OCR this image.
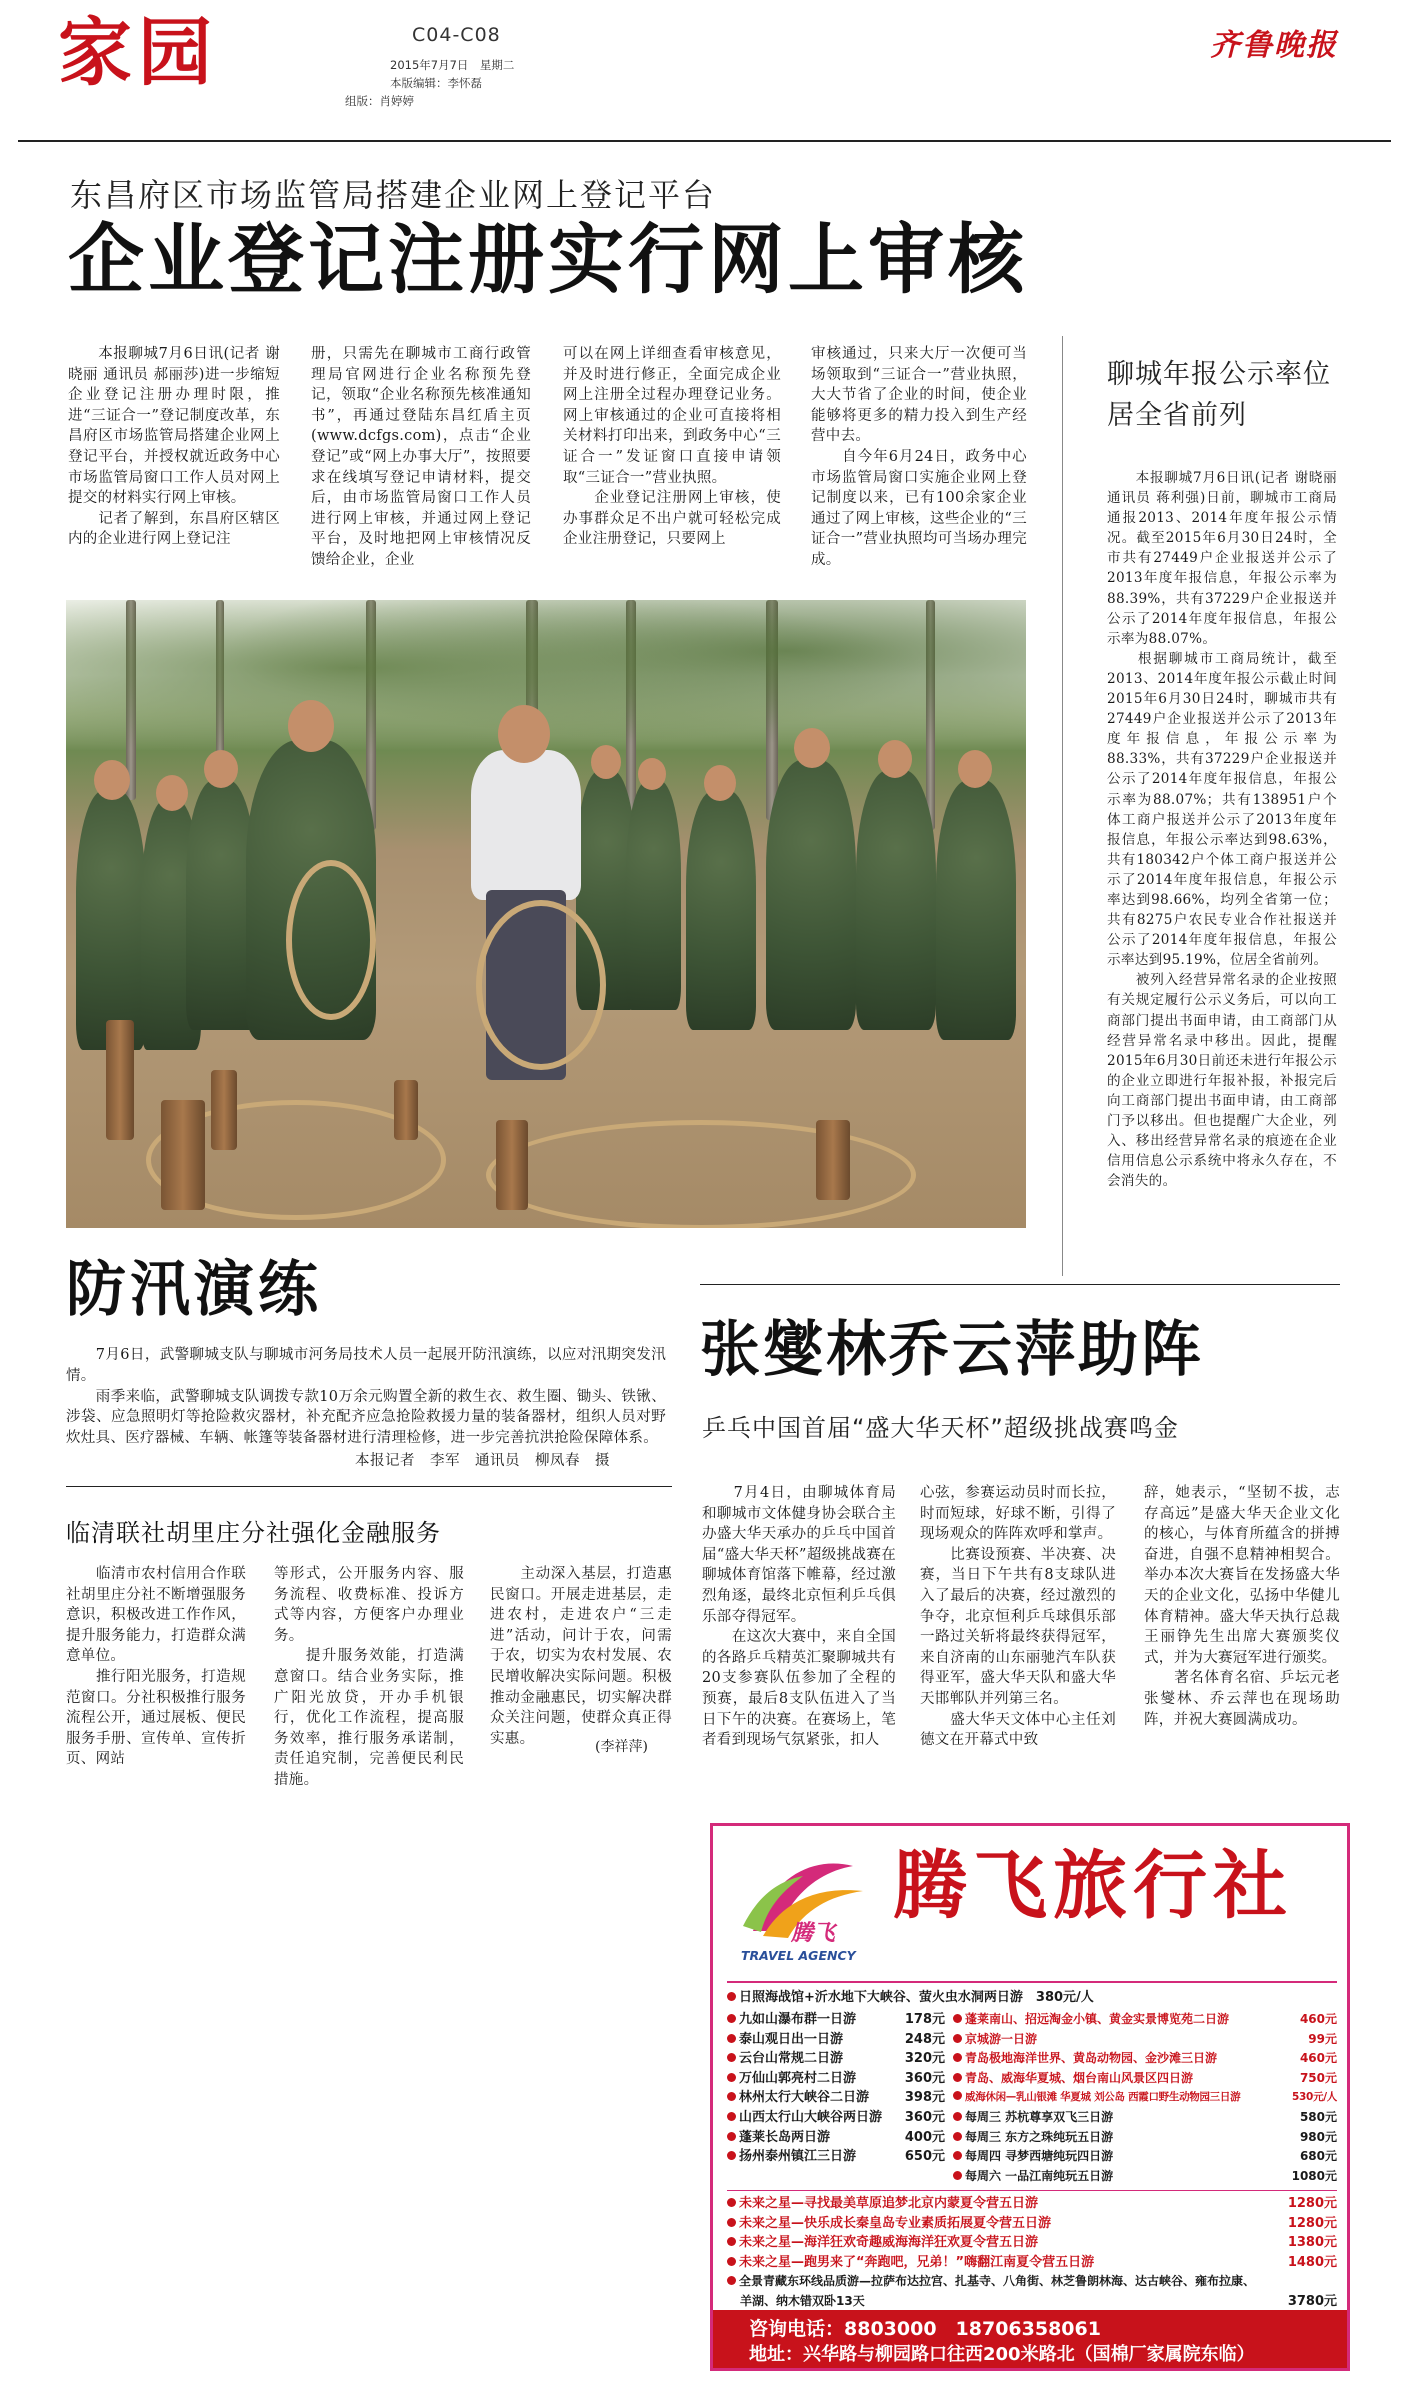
家园	C04-C08
2015年7月7日　星期二
本版编辑：李怀磊
组版：肖婷婷
齐鲁晚报
东昌府区市场监管局搭建企业网上登记平台
企业登记注册实行网上审核
　　本报聊城7月6日讯(记者 谢晓丽 通讯员 郝丽莎)进一步缩短企业登记注册办理时限，推进“三证合一”登记制度改革，东昌府区市场监管局搭建企业网上登记平台，并授权就近政务中心市场监管局窗口工作人员对网上提交的材料实行网上审核。
　　记者了解到，东昌府区辖区内的企业进行网上登记注
册，只需先在聊城市工商行政管理局官网进行企业名称预先登记，领取“企业名称预先核准通知书”，再通过登陆东昌红盾主页(www.dcfgs.com)，点击“企业登记”或“网上办事大厅”，按照要求在线填写登记申请材料，提交后，由市场监管局窗口工作人员进行网上审核，并通过网上登记平台，及时地把网上审核情况反馈给企业，企业
可以在网上详细查看审核意见，并及时进行修正，全面完成企业网上注册全过程办理登记业务。网上审核通过的企业可直接将相关材料打印出来，到政务中心“三证合一”发证窗口直接申请领取“三证合一”营业执照。
　　企业登记注册网上审核，使办事群众足不出户就可轻松完成企业注册登记，只要网上
审核通过，只来大厅一次便可当场领取到“三证合一”营业执照，大大节省了企业的时间，使企业能够将更多的精力投入到生产经营中去。
　　自今年6月24日，政务中心市场监管局窗口实施企业网上登记制度以来，已有100余家企业通过了网上审核，这些企业的“三证合一”营业执照均可当场办理完成。
聊城年报公示率位居全省前列
　　本报聊城7月6日讯(记者 谢晓丽 通讯员 蒋利强)日前，聊城市工商局通报2013、2014年度年报公示情况。截至2015年6月30日24时，全市共有27449户企业报送并公示了2013年度年报信息，年报公示率为88.39%，共有37229户企业报送并公示了2014年度年报信息，年报公示率为88.07%。
　　根据聊城市工商局统计，截至2013、2014年度年报公示截止时间2015年6月30日24时，聊城市共有27449户企业报送并公示了2013年度年报信息，年报公示率为88.33%，共有37229户企业报送并公示了2014年度年报信息，年报公示率为88.07%；共有138951户个体工商户报送并公示了2013年度年报信息，年报公示率达到98.63%，共有180342户个体工商户报送并公示了2014年度年报信息，年报公示率达到98.66%，均列全省第一位；共有8275户农民专业合作社报送并公示了2014年度年报信息，年报公示率达到95.19%，位居全省前列。
　　被列入经营异常名录的企业按照有关规定履行公示义务后，可以向工商部门提出书面申请，由工商部门从经营异常名录中移出。因此，提醒2015年6月30日前还未进行年报公示的企业立即进行年报补报，补报完后向工商部门提出书面申请，由工商部门予以移出。但也提醒广大企业，列入、移出经营异常名录的痕迹在企业信用信息公示系统中将永久存在，不会消失的。
防汛演练
　　7月6日，武警聊城支队与聊城市河务局技术人员一起展开防汛演练，以应对汛期突发汛情。
　　雨季来临，武警聊城支队调拨专款10万余元购置全新的救生衣、救生圈、锄头、铁锹、涉袋、应急照明灯等抢险救灾器材，补充配齐应急抢险救援力量的装备器材，组织人员对野炊灶具、医疗器械、车辆、帐篷等装备器材进行清理检修，进一步完善抗洪抢险保障体系。
本报记者　李军　通讯员　柳凤春　摄
临清联社胡里庄分社强化金融服务
　　临清市农村信用合作联社胡里庄分社不断增强服务意识，积极改进工作作风，提升服务能力，打造群众满意单位。
　　推行阳光服务，打造规范窗口。分社积极推行服务流程公开，通过展板、便民服务手册、宣传单、宣传折页、网站
等形式，公开服务内容、服务流程、收费标准、投诉方式等内容，方便客户办理业务。
　　提升服务效能，打造满意窗口。结合业务实际，推广阳光放贷，开办手机银行，优化工作流程，提高服务效率，推行服务承诺制，责任追究制，完善便民利民措施。
　　主动深入基层，打造惠民窗口。开展走进基层，走进农村，走进农户“三走进”活动，问计于农，问需于农，切实为农村发展、农民增收解决实际问题。积极推动金融惠民，切实解决群众关注问题，使群众真正得实惠。
(李祥萍)
张燮林乔云萍助阵
乒乓中国首届“盛大华天杯”超级挑战赛鸣金
　　7月4日，由聊城体育局和聊城市文体健身协会联合主办盛大华天承办的乒乓中国首届“盛大华天杯”超级挑战赛在聊城体育馆落下帷幕，经过激烈角逐，最终北京恒利乒乓俱乐部夺得冠军。
　　在这次大赛中，来自全国的各路乒乓精英汇聚聊城共有20支参赛队伍参加了全程的预赛，最后8支队伍进入了当日下午的决赛。在赛场上，笔者看到现场气氛紧张，扣人
心弦，参赛运动员时而长拉，时而短球，好球不断，引得了现场观众的阵阵欢呼和掌声。
　　比赛设预赛、半决赛、决赛，当日下午共有8支球队进入了最后的决赛，经过激烈的争夺，北京恒利乒乓球俱乐部一路过关斩将最终获得冠军，来自济南的山东丽驰汽车队获得亚军，盛大华天队和盛大华天邯郸队并列第三名。
　　盛大华天文体中心主任刘德文在开幕式中致
辞，她表示，“坚韧不拔，志存高远”是盛大华天企业文化的核心，与体育所蕴含的拼搏奋进，自强不息精神相契合。举办本次大赛旨在发扬盛大华天的企业文化，弘扬中华健儿体育精神。盛大华天执行总裁王丽铮先生出席大赛颁奖仪式，并为大赛冠军进行颁奖。
　　著名体育名宿、乒坛元老张燮林、乔云萍也在现场助阵，并祝大赛圆满成功。
腾飞
TRAVEL AGENCY
腾飞旅行社
日照海战馆+沂水地下大峡谷、萤火虫水洞两日游　380元/人
九如山瀑布群一日游	178元
泰山观日出一日游	248元
云台山常规二日游	320元
万仙山郭亮村二日游	360元
林州太行大峡谷二日游	398元
山西太行山大峡谷两日游 360元
蓬莱长岛两日游	400元
扬州泰州镇江三日游	650元
蓬莱南山、招远淘金小镇、黄金实景博览苑二日游	460元
京城游一日游	99元
青岛极地海洋世界、黄岛动物园、金沙滩三日游	460元
青岛、威海华夏城、烟台南山风景区四日游	750元
威海休闲—乳山银滩 华夏城 刘公岛 西霞口野生动物园三日游	530元/人
每周三 苏杭尊享双飞三日游	580元
每周三 东方之珠纯玩五日游	980元
每周四 寻梦西塘纯玩四日游	680元
每周六 一品江南纯玩五日游	1080元
未来之星—寻找最美草原追梦北京内蒙夏令营五日游	1280元
未来之星—快乐成长秦皇岛专业素质拓展夏令营五日游	1280元
未来之星—海洋狂欢奇趣威海海洋狂欢夏令营五日游	1380元
未来之星—跑男来了“奔跑吧，兄弟！”嗨翻江南夏令营五日游	1480元
全景青藏东环线品质游—拉萨布达拉宫、扎基寺、八角街、林芝鲁朗林海、达古峡谷、雍布拉康、
羊湖、纳木错双卧13天	3780元
咨询电话：8803000　18706358061
地址：兴华路与柳园路口往西200米路北（国棉厂家属院东临）
